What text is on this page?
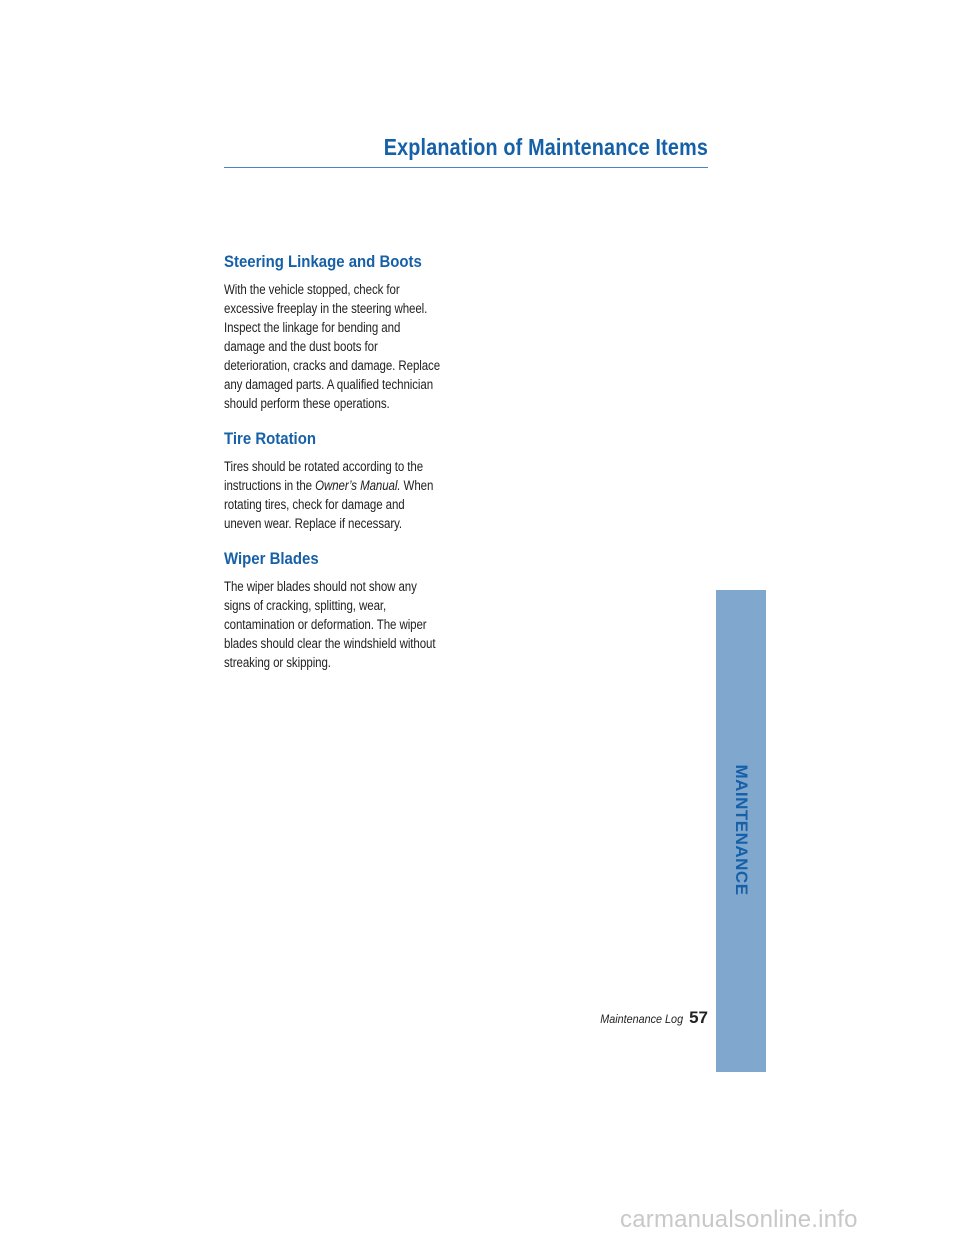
Explanation of Maintenance Items
Steering Linkage and Boots

With the vehicle stopped, check for
excessive freeplay in the steering wheel.
Inspect the linkage for bending and
damage and the dust boots for
deterioration, cracks and damage. Replace
any damaged parts. A qualified technician
should perform these operations.

Tire Rotation

Tires should be rotated according to the
instructions in the Owner’s Manual. When
rotating tires, check for damage and
uneven wear. Replace if necessary.

Wiper Blades

The wiper blades should not show any
signs of cracking, splitting, wear,
contamination or deformation. The wiper
blades should clear the windshield without
streaking or skipping.

MAINTENANCE
Maintenance Log 57
carmanualsonline.info
